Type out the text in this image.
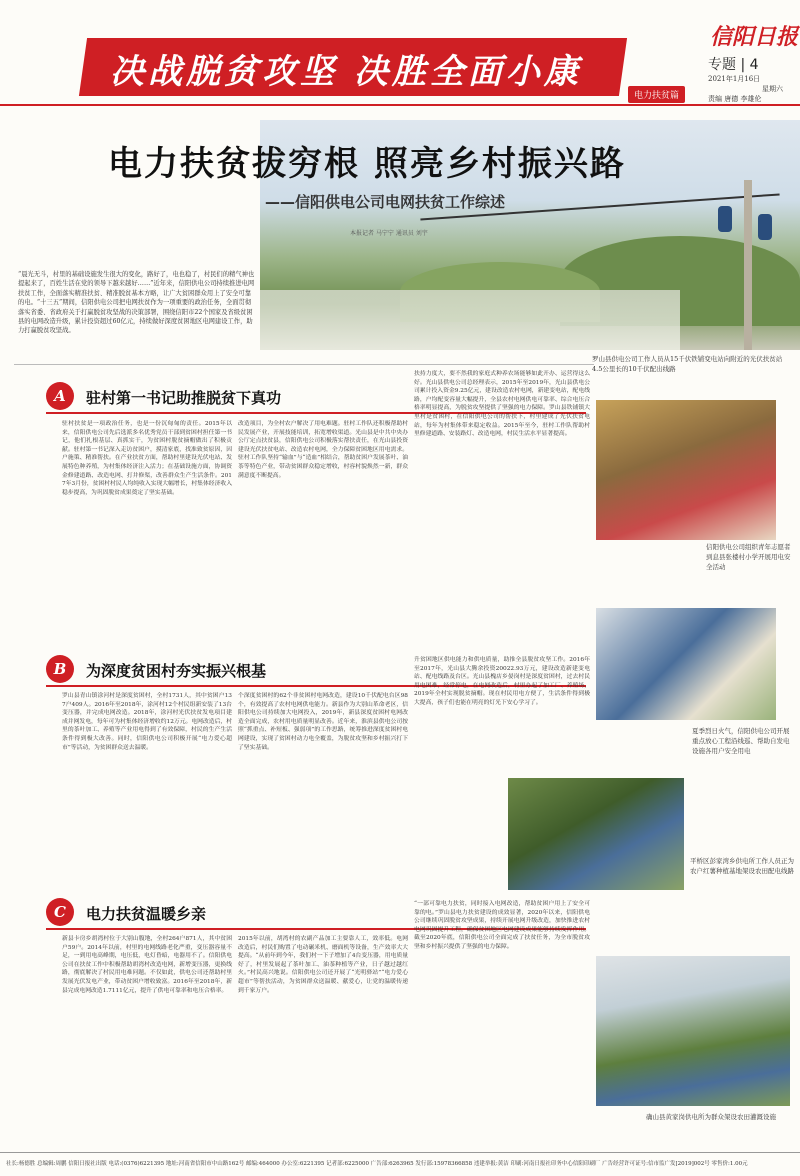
决战脱贫攻坚 决胜全面小康
电力扶贫篇
信阳日报
专题 | 4
2021年1月16日
星期六
责编 唐德 李雄伦
电力扶贫拔穷根 照亮乡村振兴路
——信阳供电公司电网扶贫工作综述
本报记者 马宁宁 通讯员 刘宇
“晨光无斗，村里的基础设施发生很大的变化，路好了，电也稳了，村民们的精气神也提起来了，百姓生活在党的领导下越来越好……”近年来，信阳供电公司持续推进电网扶贫工作，全面落实精准扶贫、精准脱贫基本方略，让广大贫困群众用上了安全可靠的电。“十三五”期间，信阳供电公司把电网扶贫作为一项重要的政治任务，全面贯彻落实省委、省政府关于打赢脱贫攻坚战的决策部署，围绕信阳市22个国家及省级贫困县的电网改造升级，累计投资超过60亿元，持续做好深度贫困地区电网建设工作，助力打赢脱贫攻坚战。
罗山县供电公司工作人员从15千伏铁铺变电站向附近的光伏扶贫站4.5公里长的10千伏配出线路
A	驻村第一书记助推脱贫下真功
驻村扶贫是一项政治任务，也是一份沉甸甸的责任。2015年以来，信阳供电公司先后选派多名优秀党员干部到贫困村担任第一书记，他们扎根基层、真抓实干，为贫困村脱贫摘帽做出了积极贡献。驻村第一书记深入走访贫困户，摸清家底，找准致贫原因，因户施策、精准帮扶。在产业扶贫方面，帮助村里建设光伏电站、发展特色种养殖，为村集体经济注入活力；在基础设施方面，协调资金修建道路、改造电网、打井修渠，改善群众生产生活条件。2017年3月份，贫困村村民人均纯收入实现大幅增长，村集体经济收入稳步提高，为巩固脱贫成果奠定了坚实基础。
改造项目，为全村农户解决了用电难题。驻村工作队还积极帮助村民发展产业，开展技能培训，拓宽增收渠道。光山县是中共中央办公厅定点扶贫县，信阳供电公司积极落实帮扶责任，在光山县投资建设光伏扶贫电站、改造农村电网，全力保障贫困地区用电需求。驻村工作队坚持“输血”与“造血”相结合，帮助贫困户发展茶叶、油茶等特色产业，带动贫困群众稳定增收，村容村貌焕然一新，群众满意度不断提高。
扶持力度大，要不然我的家庭式种养农场能够如此开办、运营得这么好。光山县供电公司总经理表示，2015年至2019年，光山县供电公司累计投入资金9.25亿元，建设改造农村电网，新建变电站，配电线路，户均配变容量大幅提升，全县农村电网供电可靠率、综合电压合格率明显提高，为脱贫攻坚提供了坚强的电力保障。罗山县铁铺镇大里村是贫困村，在信阳供电公司的帮扶下，村里建成了光伏扶贫电站，每年为村集体带来稳定收益。2015年至今，驻村工作队帮助村里修建道路、安装路灯、改造电网，村民生活水平显著提高。
信阳供电公司组织青年志愿者到息县张楼村小学开展用电安全活动
B	为深度贫困村夯实振兴根基
罗山县青山镇涂河村是深度贫困村，全村1731人，其中贫困户137户409人。2016年至2018年，涂河村12个村民组新安装了13台变压器，并完成电网改造。2018年，涂河村光伏扶贫发电项目建成并网发电，每年可为村集体经济增收约12万元。电网改造后，村里的茶叶加工、养殖等产业用电得到了有效保障，村民的生产生活条件得到极大改善。同时，信阳供电公司积极开展“电力爱心超市”等活动，为贫困群众送去温暖。
个深度贫困村的62个非贫困村电网改造，建设10千伏配电台区98个，有效提高了农村电网供电能力。新县作为大别山革命老区，信阳供电公司持续加大电网投入，2019年，新县深度贫困村电网改造全面完成，农村用电质量明显改善。近年来，淮滨县供电公司按照“抓重点、补短板、强弱项”的工作思路，统筹推进深度贫困村电网建设，实现了贫困村动力电全覆盖，为脱贫攻坚和乡村振兴打下了坚实基础。
升贫困地区供电能力和供电质量，助推全县脱贫攻坚工作。2016年至2017年，光山县大腾余投资20022.93万元，建设改造新建变电站、配电线路及台区。光山县槐店乡晏岗村是深度贫困村，过去村民用电困难，经常停电，在电网改造后，村里办起了加工厂、养殖场，2019年全村实现脱贫摘帽。现在村民用电方便了，生活条件得到极大提高，孩子们也能在明亮的灯光下安心学习了。
夏季烈日火气，信阳供电公司开展重点放心工程沿线巡、帮助自发电设施各用户安全用电
平桥区彭家湾乡供电所工作人员正为农户红薯种植基地架设农田配电线路
C	电力扶贫温暖乡亲
新县卡房乡胡湾村位于大别山腹地，全村264户871人，其中贫困户59户。2014年以前，村里的电网线路老化严重，变压器容量不足，一到用电高峰期，电压低，电灯昏暗，电器用不了。信阳供电公司在扶贫工作中积极帮助胡湾村改造电网，新增变压器，更换线路，彻底解决了村民用电难问题。不仅如此，供电公司还帮助村里发展光伏发电产业，带动贫困户增收致富。2016年至2018年，新县完成电网改造1.7111亿元，提升了供电可靠率和电压合格率。
2015年以前，胡湾村的农副产品加工主要靠人工，效率低。电网改造后，村民们购置了电动碾米机、磨面机等设备，生产效率大大提高。“从前年到今年，我们村一下子增加了4台变压器，用电质量好了，村里发展起了茶叶加工、油茶种植等产业，日子越过越红火。”村民高兴地说。信阳供电公司还开展了“光明驿站”“电力爱心超市”等帮扶活动，为贫困群众送温暖、献爱心，让党的温暖传递到千家万户。
“一部可靠电力扶贫，同时接入电网改造，帮助贫困户用上了安全可靠的电。”罗山县电力扶贫建设的成效显著，2020年以来，信阳供电公司继续巩固脱贫攻坚成果，持续开展电网升级改造，加快推进农村电网巩固提升工程，确保贫困地区电网建设成果能够持续发挥作用。截至2020年底，信阳供电公司全面完成了扶贫任务，为全市脱贫攻坚和乡村振兴提供了坚强的电力保障。
确山县黄家岗供电所为群众架设农田灌溉设施
社长:杨德胜 总编辑:周鹏 信阳日报社出版 电话:(0376)6221395 地址:河南省信阳市中山路162号 邮编:464000 办公室:6221395 记者部:6225000 广告部:6263965 发行部:15978366858 违建举报:黄洁 印刷:河南日报社印务中心信阳印刷厂 广告经营许可证号:信市监广发[2019]002号 零售价:1.00元
